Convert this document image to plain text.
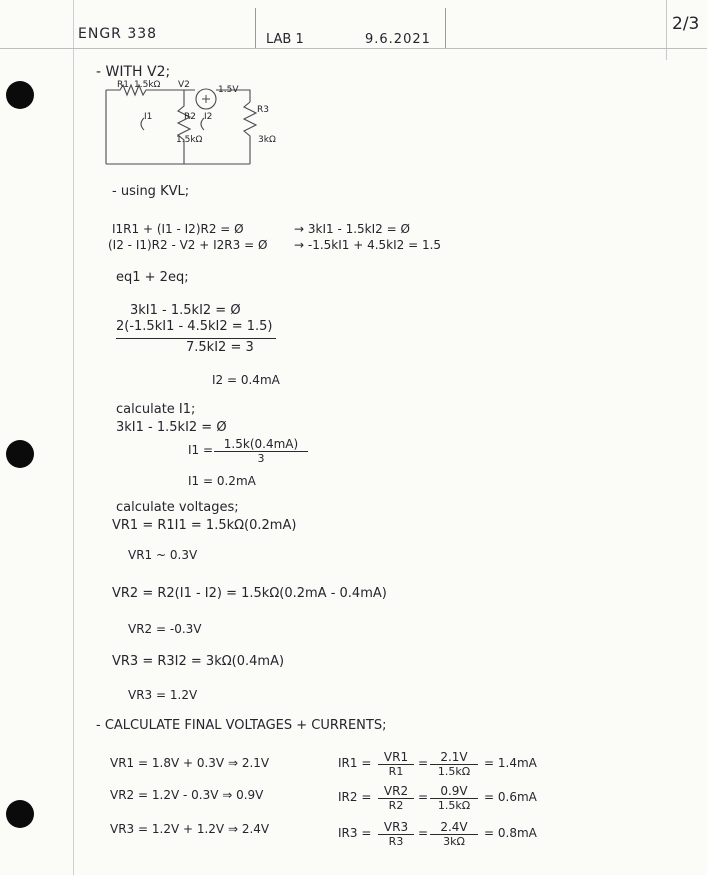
ENGR 338	LAB 1	9.6.2021
2/3
- WITH V2;
R1 1.5kΩ V2	1.5V
I1	R2
1.5kΩ
I2
R3
3kΩ
- using KVL;
I1R1 + (I1 - I2)R2 = Ø	→ 3kI1 - 1.5kI2 = Ø
(I2 - I1)R2 - V2 + I2R3 = Ø → -1.5kI1 + 4.5kI2 = 1.5
eq1 + 2eq;
3kI1 - 1.5kI2 = Ø
2(-1.5kI1 - 4.5kI2 = 1.5)
7.5kI2 = 3
I2 = 0.4mA
calculate I1;
3kI1 - 1.5kI2 = Ø
$I1 = \frac{1.5k(0.4mA)}{3}$
I1 = 0.2mA
calculate voltages;
VR1 = R1I1 = 1.5kΩ(0.2mA)
VR1 ~ 0.3V
VR2 = R2(I1 - I2) = 1.5kΩ(0.2mA - 0.4mA)
VR2 = -0.3V
VR3 = R3I2 = 3kΩ(0.4mA)
VR3 = 1.2V
- CALCULATE FINAL VOLTAGES + CURRENTS;
VR1 = 1.8V + 0.3V ⇒ 2.1V
VR2 = 1.2V - 0.3V ⇒ 0.9V
VR3 = 1.2V + 1.2V ⇒ 2.4V
$IR1 = \frac{VR1}{R1} = \frac{2.1V}{1.5k\Omega} = 1.4mA$
$IR2 = \frac{VR2}{R2} = \frac{0.9V}{1.5k\Omega} = 0.6mA$
$IR3 = \frac{VR3}{R3} = \frac{2.4V}{3k\Omega} = 0.8mA$
